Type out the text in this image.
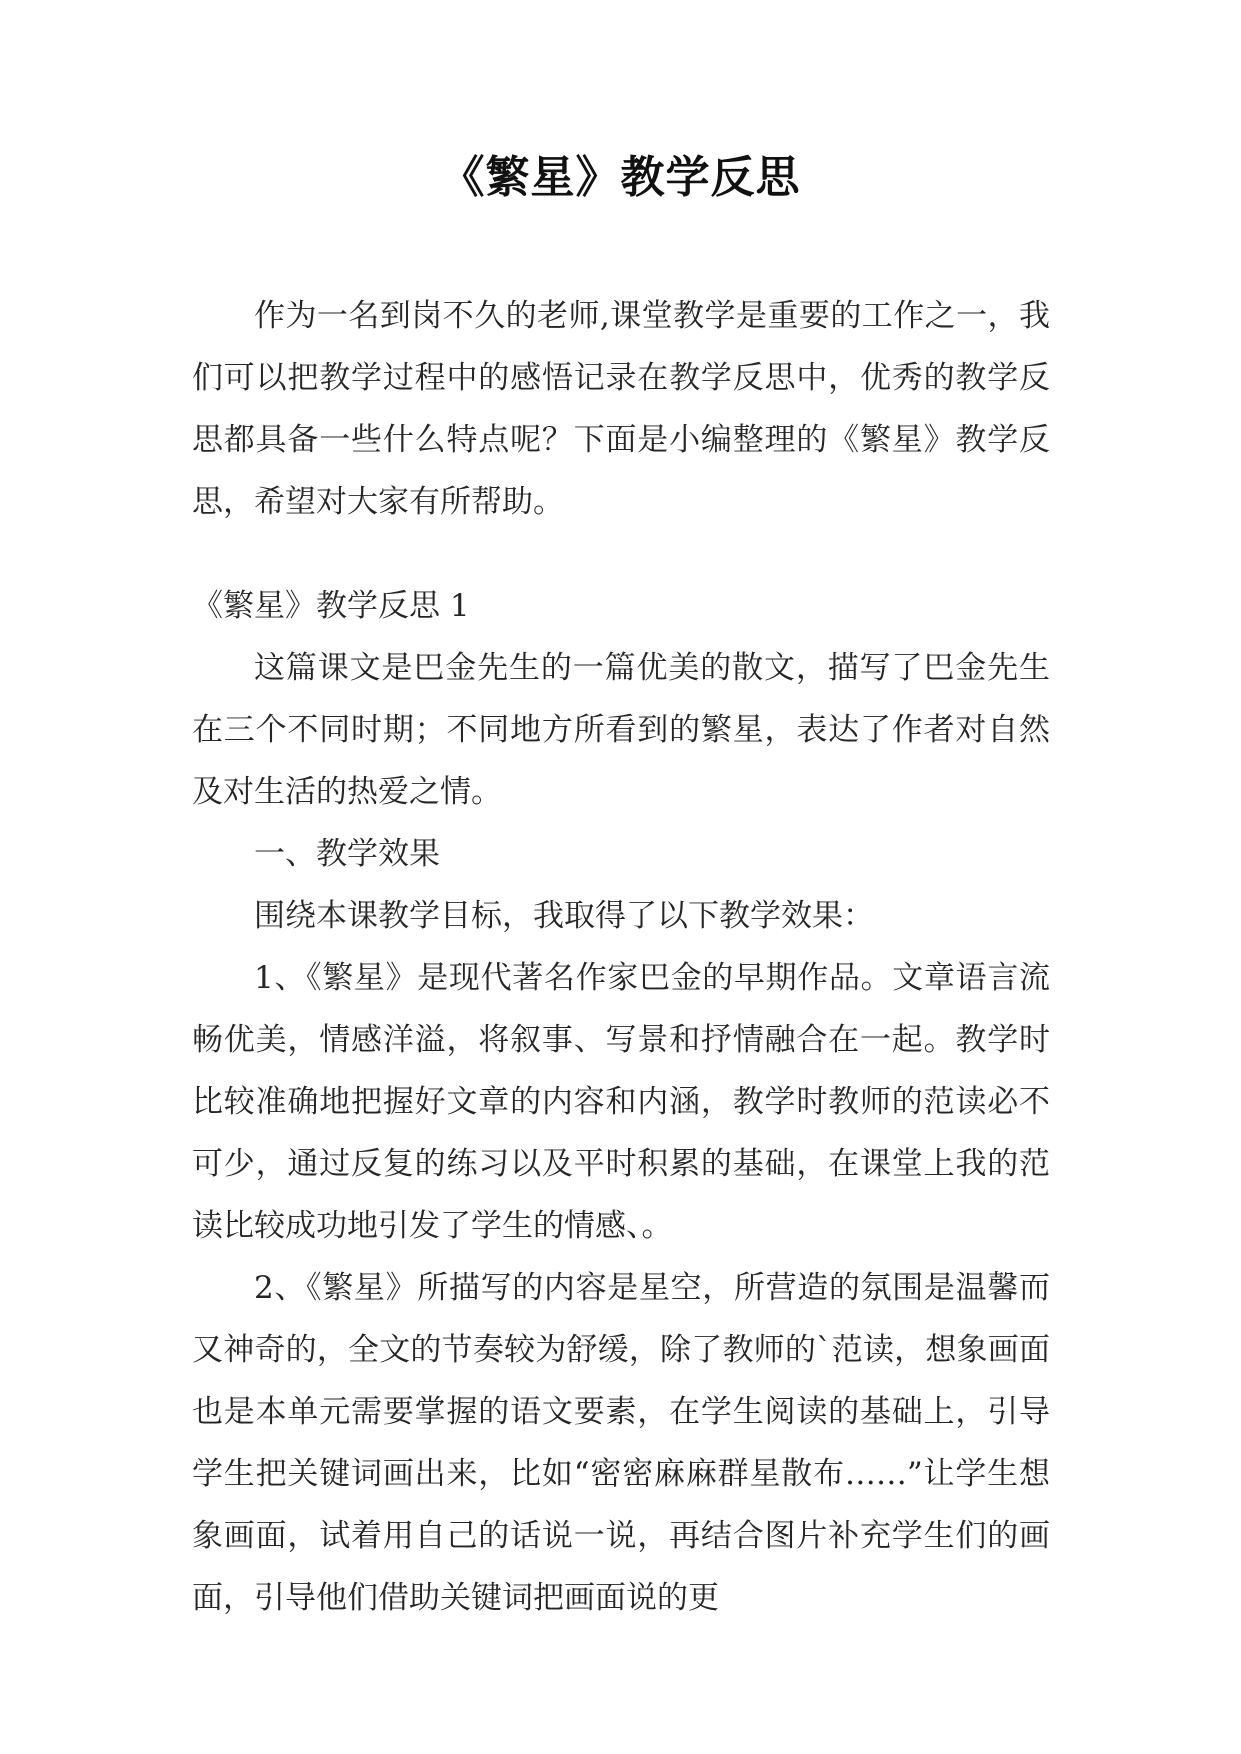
《繁星》教学反思

作为一名到岗不久的老师,课堂教学是重要的工作之一，我们可以把教学过程中的感悟记录在教学反思中，优秀的教学反思都具备一些什么特点呢？下面是小编整理的《繁星》教学反思，希望对大家有所帮助。

《繁星》教学反思 1

这篇课文是巴金先生的一篇优美的散文，描写了巴金先生在三个不同时期；不同地方所看到的繁星，表达了作者对自然及对生活的热爱之情。

一、教学效果

围绕本课教学目标，我取得了以下教学效果：

1、《繁星》是现代著名作家巴金的早期作品。文章语言流畅优美，情感洋溢，将叙事、写景和抒情融合在一起。教学时比较准确地把握好文章的内容和内涵，教学时教师的范读必不可少，通过反复的练习以及平时积累的基础，在课堂上我的范读比较成功地引发了学生的情感、。

2、《繁星》所描写的内容是星空，所营造的氛围是温馨而又神奇的，全文的节奏较为舒缓，除了教师的`范读，想象画面也是本单元需要掌握的语文要素，在学生阅读的基础上，引导学生把关键词画出来，比如“密密麻麻群星散布……”让学生想象画面，试着用自己的话说一说，再结合图片补充学生们的画面，引导他们借助关键词把画面说的更
